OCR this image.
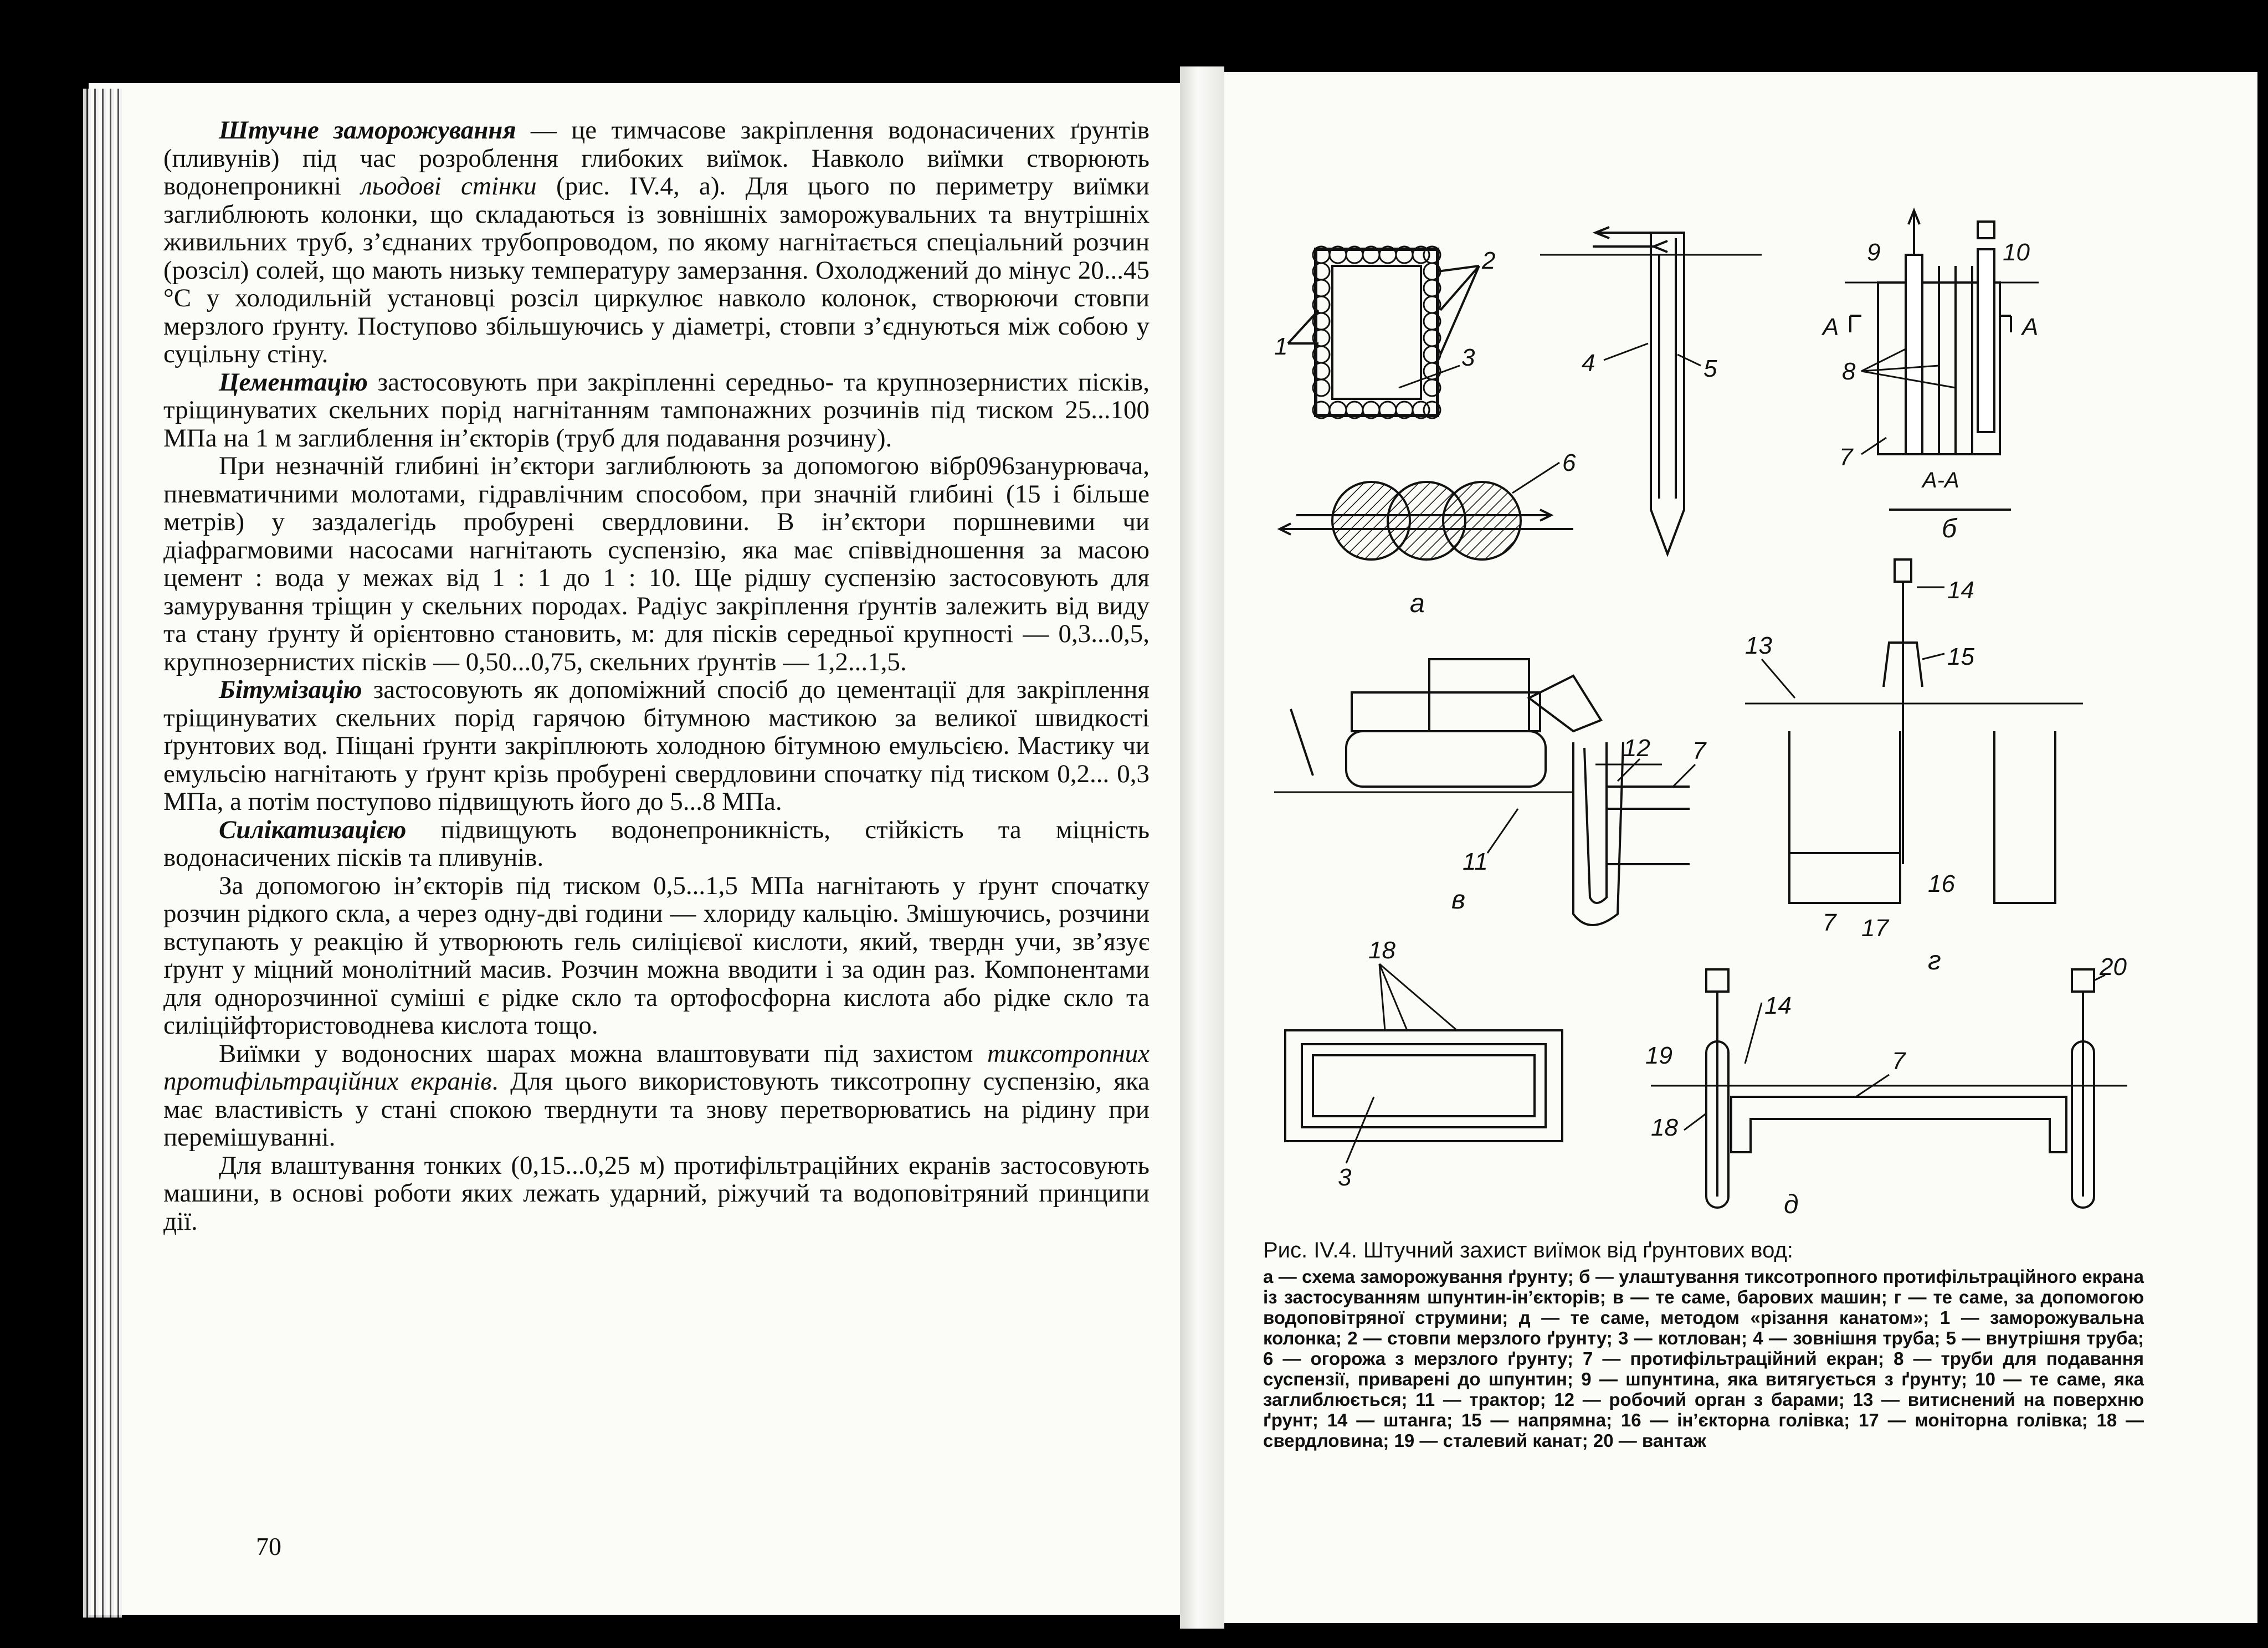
Штучне заморожування — це тимчасове закріплення водонасичених ґрунтів (пливунів) під час розроблення глибоких виїмок. Навколо виїмки створюють водонепроникні льодові стінки (рис. IV.4, а). Для цього по периметру виїмки заглиблюють колонки, що складаються із зовнішніх заморожувальних та внутрішніх живильних труб, з’єднаних трубопроводом, по якому нагнітається спеціальний розчин (розсіл) солей, що мають низьку температуру замерзання. Охолоджений до мінус 20...45 °С у холодильній установці розсіл циркулює навколо колонок, створюючи стовпи мерзлого ґрунту. Поступово збільшуючись у діаметрі, стовпи з’єднуються між собою у суцільну стіну.

Цементацію застосовують при закріпленні середньо- та крупнозернистих пісків, тріщинуватих скельних порід нагнітанням тампонажних розчинів під тиском 25...100 МПа на 1 м заглиблення ін’єкторів (труб для подавання розчину).

При незначній глибині ін’єктори заглиблюють за допомогою вібр096занурювача, пневматичними молотами, гідравлічним способом, при значній глибині (15 і більше метрів) у заздалегідь пробурені свердловини. В ін’єктори поршневими чи діафрагмовими насосами нагнітають суспензію, яка має співвідношення за масою цемент : вода у межах від 1 : 1 до 1 : 10. Ще рідшу суспензію застосовують для замурування тріщин у скельних породах. Радіус закріплення ґрунтів залежить від виду та стану ґрунту й орієнтовно становить, м: для пісків середньої крупності — 0,3...0,5, крупнозернистих пісків — 0,50...0,75, скельних ґрунтів — 1,2...1,5.

Бітумізацію застосовують як допоміжний спосіб до цементації для закріплення тріщинуватих скельних порід гарячою бітумною мастикою за великої швидкості ґрунтових вод. Піщані ґрунти закріплюють холодною бітумною емульсією. Мастику чи емульсію нагнітають у ґрунт крізь пробурені свердловини спочатку під тиском 0,2... 0,3 МПа, а потім поступово підвищують його до 5...8 МПа.

Силікатизацією підвищують водонепроникність, стійкість та міцність водонасичених пісків та пливунів.

За допомогою ін’єкторів під тиском 0,5...1,5 МПа нагнітають у ґрунт спочатку розчин рідкого скла, а через одну-дві години — хлориду кальцію. Змішуючись, розчини вступають у реакцію й утворюють гель силіцієвої кислоти, який, твердн учи, зв’язує ґрунт у міцний монолітний масив. Розчин можна вводити і за один раз. Компонентами для однорозчинної суміші є рідке скло та ортофосфорна кислота або рідке скло та силіційфтористоводнева кислота тощо.

Виїмки у водоносних шарах можна влаштовувати під захистом тиксотропних протифільтраційних екранів. Для цього використовують тиксотропну суспензію, яка має властивість у стані спокою тверднути та знову перетворюватись на рідину при перемішуванні.

Для влаштування тонких (0,15...0,25 м) протифільтраційних екранів застосовують машини, в основі роботи яких лежать ударний, ріжучий та водоповітряний принципи дії.

70
1
2
3
6
а
4	5
9	10
А	А
8
7
А-А
б
11
12 7
в
14
15
13
16
17
7
г
18
3
19
14
7
18
20
д

Рис. IV.4. Штучний захист виїмок від ґрунтових вод:

а — схема заморожування ґрунту; б — улаштування тиксотропного протифільтраційного екрана із застосуванням шпунтин-ін’єкторів; в — те саме, барових машин; г — те саме, за допомогою водоповітряної струмини; д — те саме, методом «різання канатом»; 1 — заморожувальна колонка; 2 — стовпи мерзлого ґрунту; 3 — котлован; 4 — зовнішня труба; 5 — внутрішня труба; 6 — огорожа з мерзлого ґрунту; 7 — протифільтраційний екран; 8 — труби для подавання суспензії, приварені до шпунтин; 9 — шпунтина, яка витягується з ґрунту; 10 — те саме, яка заглиблюється; 11 — трактор; 12 — робочий орган з барами; 13 — витиснений на поверхню ґрунт; 14 — штанга; 15 — напрямна; 16 — ін’єкторна голівка; 17 — моніторна голівка; 18 — свердловина; 19 — сталевий канат; 20 — вантаж
